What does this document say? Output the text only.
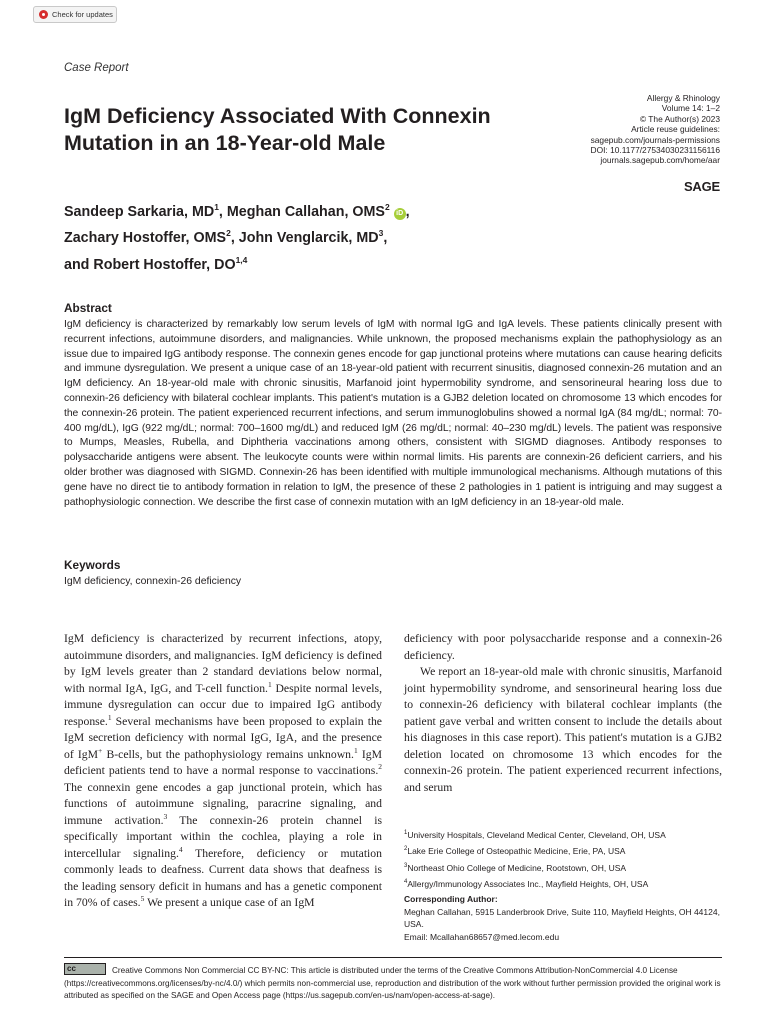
Check for updates
Case Report
IgM Deficiency Associated With Connexin Mutation in an 18-Year-old Male
Allergy & Rhinology
Volume 14: 1–2
© The Author(s) 2023
Article reuse guidelines:
sagepub.com/journals-permissions
DOI: 10.1177/27534030231156116
journals.sagepub.com/home/aar
SAGE
Sandeep Sarkaria, $MD^1$, Meghan Callahan, OMS$^2$ iD ,
Zachary Hostoffer, OMS$^2$, John Venglarcik, $MD^3$,
and Robert Hostoffer, DO$^{1,4}$
Abstract
IgM deficiency is characterized by remarkably low serum levels of IgM with normal IgG and IgA levels. These patients clinically present with recurrent infections, autoimmune disorders, and malignancies. While unknown, the proposed mechanisms explain the pathophysiology as an issue due to impaired IgG antibody response. The connexin genes encode for gap junctional proteins where mutations can cause hearing deficits and immune dysregulation. We present a unique case of an 18-year-old patient with recurrent sinusitis, diagnosed connexin-26 mutation and an IgM deficiency. An 18-year-old male with chronic sinusitis, Marfanoid joint hypermobility syndrome, and sensorineural hearing loss due to connexin-26 deficiency with bilateral cochlear implants. This patient's mutation is a GJB2 deletion located on chromosome 13 which encodes for the connexin-26 protein. The patient experienced recurrent infections, and serum immunoglobulins showed a normal IgA (84 mg/dL; normal: 70-400 mg/dL), IgG (922 mg/dL; normal: 700–1600 mg/dL) and reduced IgM (26 mg/dL; normal: 40–230 mg/dL) levels. The patient was responsive to Mumps, Measles, Rubella, and Diphtheria vaccinations among others, consistent with SIGMD diagnoses. Antibody responses to polysaccharide antigens were absent. The leukocyte counts were within normal limits. His parents are connexin-26 deficient carriers, and his older brother was diagnosed with SIGMD. Connexin-26 has been identified with multiple immunological mechanisms. Although mutations of this gene have no direct tie to antibody formation in relation to IgM, the presence of these 2 pathologies in 1 patient is intriguing and may suggest a pathophysiologic connection. We describe the first case of connexin mutation with an IgM deficiency in an 18-year-old male.
Keywords
IgM deficiency, connexin-26 deficiency

IgM deficiency is characterized by recurrent infections, atopy, autoimmune disorders, and malignancies. IgM deficiency is defined by IgM levels greater than 2 standard deviations below normal, with normal IgA, IgG, and T-cell function.$^1$ Despite normal levels, immune dysregulation can occur due to impaired IgG antibody response.$^1$ Several mechanisms have been proposed to explain the IgM secretion deficiency with normal IgG, IgA, and the presence of IgM+ B-cells, but the pathophysiology remains unknown.$^1$ IgM deficient patients tend to have a normal response to vaccinations.$^2$ The connexin gene encodes a gap junctional protein, which has functions of autoimmune signaling, paracrine signaling, and immune activation.$^3$ The connexin-26 protein channel is specifically important within the cochlea, playing a role in intercellular signaling.$^4$ Therefore, deficiency or mutation commonly leads to deafness. Current data shows that deafness is the leading sensory deficit in humans and has a genetic component in 70% of cases.$^5$ We present a unique case of an IgM

deficiency with poor polysaccharide response and a connexin-26 deficiency.

We report an 18-year-old male with chronic sinusitis, Marfanoid joint hypermobility syndrome, and sensorineural hearing loss due to connexin-26 deficiency with bilateral cochlear implants (the patient gave verbal and written consent to include the details about his diagnoses in this case report). This patient's mutation is a GJB2 deletion located on chromosome 13 which encodes for the connexin-26 protein. The patient experienced recurrent infections, and serum

$^1$University Hospitals, Cleveland Medical Center, Cleveland, OH, USA
$^2$Lake Erie College of Osteopathic Medicine, Erie, PA, USA
$^3$Northeast Ohio College of Medicine, Rootstown, OH, USA
$^4$Allergy/Immunology Associates Inc., Mayfield Heights, OH, USA
Corresponding Author:
Meghan Callahan, 5915 Landerbrook Drive, Suite 110, Mayfield Heights, OH 44124, USA.
Email: Mcallahan68657@med.lecom.edu
ccCreative Commons Non Commercial CC BY-NC: This article is distributed under the terms of the Creative Commons Attribution-NonCommercial 4.0 License (https://creativecommons.org/licenses/by-nc/4.0/) which permits non-commercial use, reproduction and distribution of the work without further permission provided the original work is attributed as specified on the SAGE and Open Access page (https://us.sagepub.com/en-us/nam/open-access-at-sage).
